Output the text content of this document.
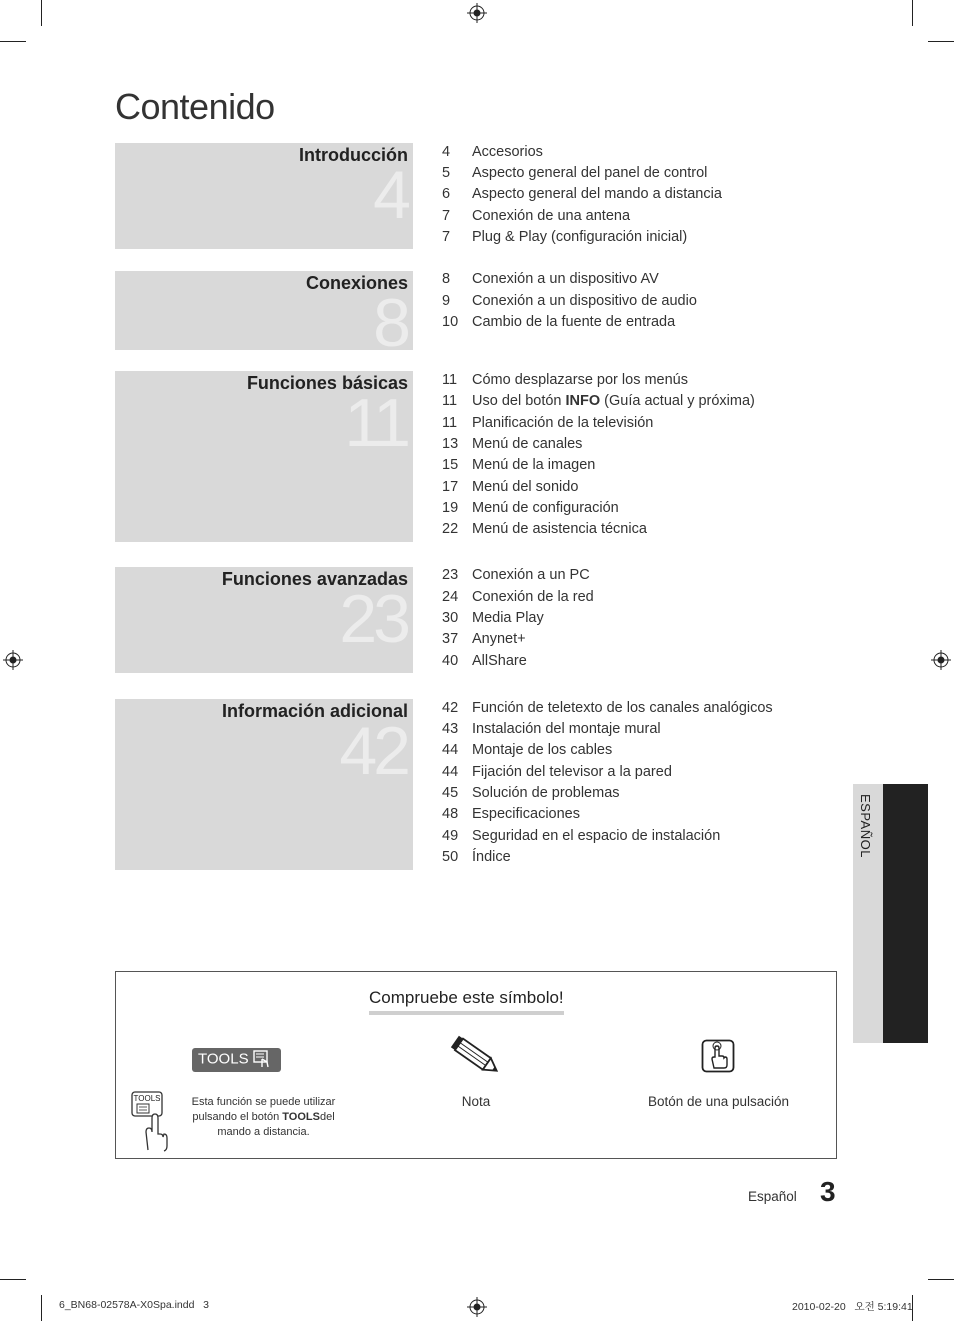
Contenido
Introducción
4
4	Accesorios
5	Aspecto general del panel de control
6	Aspecto general del mando a distancia
7	Conexión de una antena
7	Plug & Play (configuración inicial)
Conexiones
8
8	Conexión a un dispositivo AV
9	Conexión a un dispositivo de audio
10 Cambio de la fuente de entrada
Funciones básicas
11
11	Cómo desplazarse por los menús
11	Uso del botón INFO (Guía actual y próxima)
11	Planificación de la televisión
13 Menú de canales
15 Menú de la imagen
17 Menú del sonido
19 Menú de configuración
22 Menú de asistencia técnica
Funciones avanzadas
23
23 Conexión a un PC
24 Conexión de la red
30 Media Play
37 Anynet+
40 AllShare
Información adicional
42
42 Función de teletexto de los canales analógicos
43 Instalación del montaje mural
44 Montaje de los cables
44 Fijación del televisor a la pared
45 Solución de problemas
48 Especificaciones
49 Seguridad en el espacio de instalación
50 Índice	ESPAÑOL
Compruebe este símbolo!
TOOLS
TOOLS	Esta función se puede utilizar pulsando el botón TOOLSdel mando a distancia.
Nota	Botón de una pulsación
Español 3
6_BN68-02578A-X0Spa.indd   3	2010-02-20   오전 5:19:41
